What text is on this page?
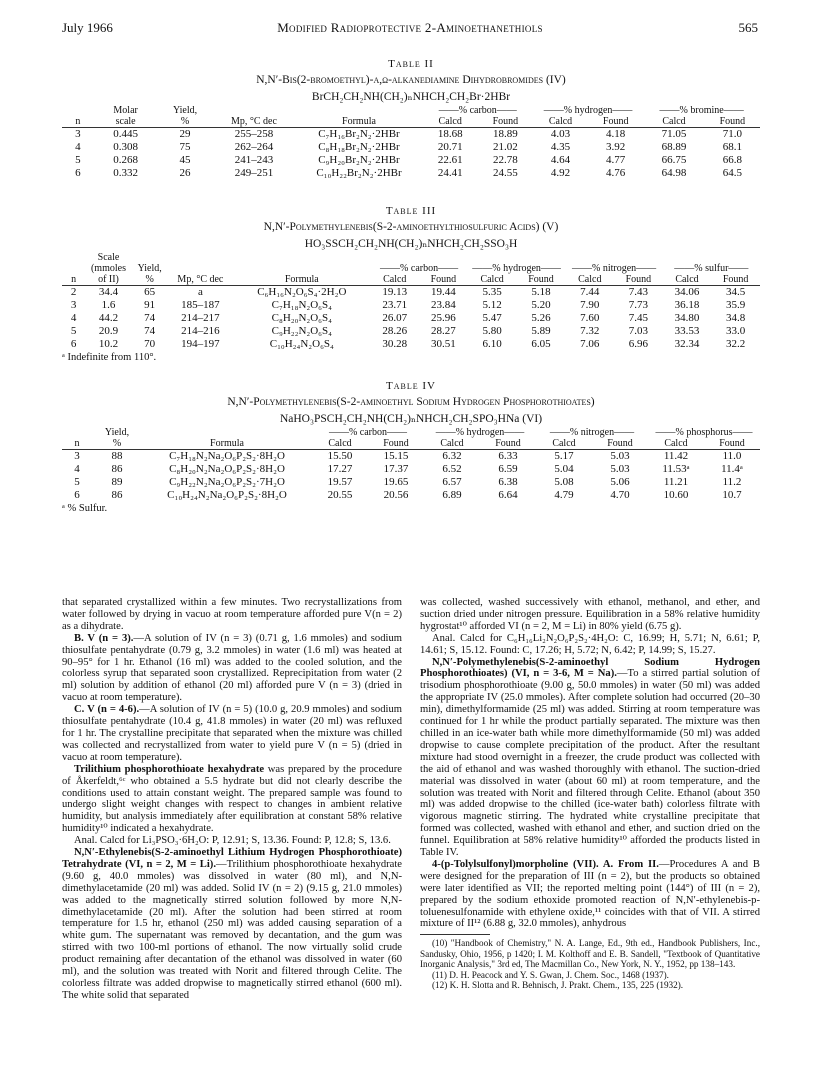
July 1966	Modified Radioprotective 2-Aminoethanethiols	565
Table II
N,N′-Bis(2-bromoethyl)-α,ω-alkanediamine Dihydrobromides (IV)
BrCH₂CH₂NH(CH₂)ₙNHCH₂CH₂Br·2HBr
	Molar	Yield,			——% carbon——		——% hydrogen——		——% bromine——	
n	scale	%	Mp, °C dec	Formula	Calcd	Found	Calcd	Found	Calcd	Found
3	0.445	29	255–258	C₇H₁₆Br₂N₂·2HBr	18.68	18.89	4.03	4.18	71.05	71.0
4	0.308	75	262–264	C₈H₁₈Br₂N₂·2HBr	20.71	21.02	4.35	3.92	68.89	68.1
5	0.268	45	241–243	C₉H₂₀Br₂N₂·2HBr	22.61	22.78	4.64	4.77	66.75	66.8
6	0.332	26	249–251	C₁₀H₂₂Br₂N₂·2HBr	24.41	24.55	4.92	4.76	64.98	64.5
Table III
N,N′-Polymethylenebis(S-2-aminoethylthiosulfuric Acids) (V)
HO₃SSCH₂CH₂NH(CH₂)ₙNHCH₂CH₂SSO₃H
	Scale											
	(mmoles	Yield,			——% carbon——		——% hydrogen——		——% nitrogen——		——% sulfur——	
n	of II)	%	Mp, °C dec	Formula	Calcd	Found	Calcd	Found	Calcd	Found	Calcd	Found
2	34.4	65	a	C₆H₁₆N₂O₆S₄·2H₂O	19.13	19.44	5.35	5.18	7.44	7.43	34.06	34.5
3	1.6	91	185–187	C₇H₁₈N₂O₆S₄	23.71	23.84	5.12	5.20	7.90	7.73	36.18	35.9
4	44.2	74	214–217	C₈H₂₀N₂O₆S₄	26.07	25.96	5.47	5.26	7.60	7.45	34.80	34.8
5	20.9	74	214–216	C₉H₂₂N₂O₆S₄	28.26	28.27	5.80	5.89	7.32	7.03	33.53	33.0
6	10.2	70	194–197	C₁₀H₂₄N₂O₆S₄	30.28	30.51	6.10	6.05	7.06	6.96	32.34	32.2
ᵃ Indefinite from 110°.
Table IV
N,N′-Polymethylenebis(S-2-aminoethyl Sodium Hydrogen Phosphorothioates)
NaHO₃PSCH₂CH₂NH(CH₂)ₙNHCH₂CH₂SPO₃HNa (VI)
	Yield,		——% carbon——		——% hydrogen——		——% nitrogen——		——% phosphorus——	
n	%	Formula	Calcd	Found	Calcd	Found	Calcd	Found	Calcd	Found
3	88	C₇H₁₈N₂Na₂O₆P₂S₂·8H₂O	15.50	15.15	6.32	6.33	5.17	5.03	11.42	11.0
4	86	C₈H₂₀N₂Na₂O₆P₂S₂·8H₂O	17.27	17.37	6.52	6.59	5.04	5.03	11.53ᵃ	11.4ᵃ
5	89	C₉H₂₂N₂Na₂O₆P₂S₂·7H₂O	19.57	19.65	6.57	6.38	5.08	5.06	11.21	11.2
6	86	C₁₀H₂₄N₂Na₂O₆P₂S₂·8H₂O	20.55	20.56	6.89	6.64	4.79	4.70	10.60	10.7
ᵃ % Sulfur.

that separated crystallized within a few minutes. Two recrystallizations from water followed by drying in vacuo at room temperature afforded pure V(n = 2) as a dihydrate.

B. V (n = 3).—A solution of IV (n = 3) (0.71 g, 1.6 mmoles) and sodium thiosulfate pentahydrate (0.79 g, 3.2 mmoles) in water (1.6 ml) was heated at 90–95° for 1 hr. Ethanol (16 ml) was added to the cooled solution, and the colorless syrup that separated soon crystallized. Reprecipitation from water (2 ml) solution by addition of ethanol (20 ml) afforded pure V (n = 3) (dried in vacuo at room temperature).

C. V (n = 4-6).—A solution of IV (n = 5) (10.0 g, 20.9 mmoles) and sodium thiosulfate pentahydrate (10.4 g, 41.8 mmoles) in water (20 ml) was refluxed for 1 hr. The crystalline precipitate that separated when the mixture was chilled was collected and recrystallized from water to yield pure V (n = 5) (dried in vacuo at room temperature).

Trilithium phosphorothioate hexahydrate was prepared by the procedure of Åkerfeldt,⁶ᶜ who obtained a 5.5 hydrate but did not clearly describe the conditions used to attain constant weight. The prepared sample was found to undergo slight weight changes with respect to changes in ambient relative humidity, but analysis immediately after equilibration at constant 58% relative humidity¹⁰ indicated a hexahydrate.

Anal. Calcd for Li₃PSO₃·6H₂O: P, 12.91; S, 13.36. Found: P, 12.8; S, 13.6.

N,N′-Ethylenebis(S-2-aminoethyl Lithium Hydrogen Phosphorothioate) Tetrahydrate (VI, n = 2, M = Li).—Trilithium phosphorothioate hexahydrate (9.60 g, 40.0 mmoles) was dissolved in water (80 ml), and N,N-dimethylacetamide (20 ml) was added. Solid IV (n = 2) (9.15 g, 21.0 mmoles) was added to the magnetically stirred solution followed by more N,N-dimethylacetamide (20 ml). After the solution had been stirred at room temperature for 1.5 hr, ethanol (250 ml) was added causing separation of a white gum. The supernatant was removed by decantation, and the gum was stirred with two 100-ml portions of ethanol. The now virtually solid crude product remaining after decantation of the ethanol was dissolved in water (60 ml), and the solution was treated with Norit and filtered through Celite. The colorless filtrate was added dropwise to magnetically stirred ethanol (600 ml). The white solid that separated

was collected, washed successively with ethanol, methanol, and ether, and suction dried under nitrogen pressure. Equilibration in a 58% relative humidity hygrostat¹⁰ afforded VI (n = 2, M = Li) in 80% yield (6.75 g).

Anal. Calcd for C₆H₁₆Li₂N₂O₆P₂S₂·4H₂O: C, 16.99; H, 5.71; N, 6.61; P, 14.61; S, 15.12. Found: C, 17.26; H, 5.72; N, 6.42; P, 14.99; S, 15.27.

N,N′-Polymethylenebis(S-2-aminoethyl Sodium Hydrogen Phosphorothioates) (VI, n = 3-6, M = Na).—To a stirred partial solution of trisodium phosphorothioate (9.00 g, 50.0 mmoles) in water (50 ml) was added the appropriate IV (25.0 mmoles). After complete solution had occurred (20–30 min), dimethylformamide (25 ml) was added. Stirring at room temperature was continued for 1 hr while the product partially separated. The mixture was then chilled in an ice-water bath while more dimethylformamide (50 ml) was added dropwise to cause complete precipitation of the product. After the resultant mixture had stood overnight in a freezer, the crude product was collected with the aid of ethanol and was washed thoroughly with ethanol. The suction-dried material was dissolved in water (about 60 ml) at room temperature, and the solution was treated with Norit and filtered through Celite. Ethanol (about 350 ml) was added dropwise to the chilled (ice-water bath) colorless filtrate with vigorous magnetic stirring. The hydrated white crystalline precipitate that formed was collected, washed with ethanol and ether, and suction dried on the funnel. Equilibration at 58% relative humidity¹⁰ afforded the products listed in Table IV.

4-(p-Tolylsulfonyl)morpholine (VII). A. From II.—Procedures A and B were designed for the preparation of III (n = 2), but the products so obtained were later identified as VII; the reported melting point (144°) of III (n = 2), prepared by the sodium ethoxide promoted reaction of N,N′-ethylenebis-p-toluenesulfonamide with ethylene oxide,¹¹ coincides with that of VII. A stirred mixture of II¹² (6.88 g, 32.0 mmoles), anhydrous

(10) "Handbook of Chemistry," N. A. Lange, Ed., 9th ed., Handbook Publishers, Inc., Sandusky, Ohio, 1956, p 1420; I. M. Kolthoff and E. B. Sandell, "Textbook of Quantitative Inorganic Analysis," 3rd ed, The Macmillan Co., New York, N. Y., 1952, pp 138–143.

(11) D. H. Peacock and Y. S. Gwan, J. Chem. Soc., 1468 (1937).

(12) K. H. Slotta and R. Behnisch, J. Prakt. Chem., 135, 225 (1932).
